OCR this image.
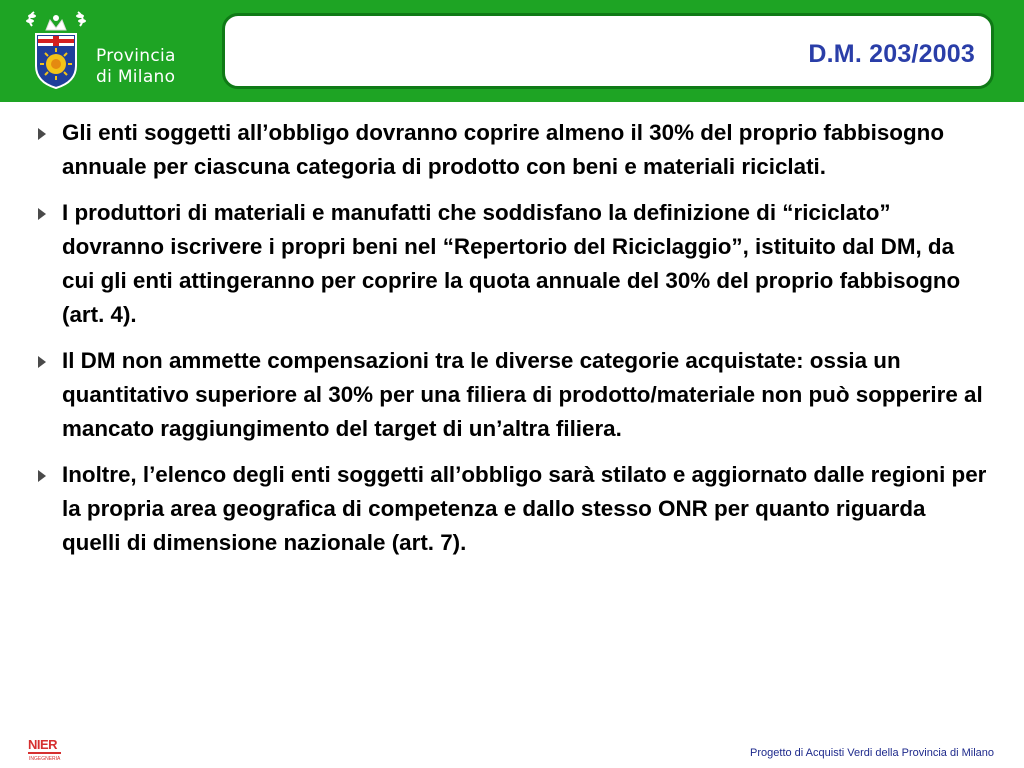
Provincia
di Milano
D.M. 203/2003
Gli enti soggetti all’obbligo dovranno coprire almeno il 30% del proprio fabbisogno annuale per ciascuna categoria di prodotto con beni e materiali riciclati.
I produttori di materiali e manufatti che soddisfano la definizione di “riciclato” dovranno iscrivere i propri beni nel “Repertorio del Riciclaggio”, istituito dal DM, da cui gli enti attingeranno per coprire la quota annuale del 30% del proprio fabbisogno (art. 4).
Il DM non ammette compensazioni tra le diverse categorie acquistate: ossia un quantitativo superiore al 30% per una filiera di prodotto/materiale non può sopperire al mancato raggiungimento del target di un’altra filiera.
Inoltre, l’elenco degli enti soggetti all’obbligo sarà stilato e aggiornato dalle regioni per la propria area geografica di competenza e dallo stesso ONR per quanto riguarda quelli di dimensione nazionale (art. 7).
NIER
INGEGNERIA	Progetto di Acquisti Verdi della Provincia di Milano
